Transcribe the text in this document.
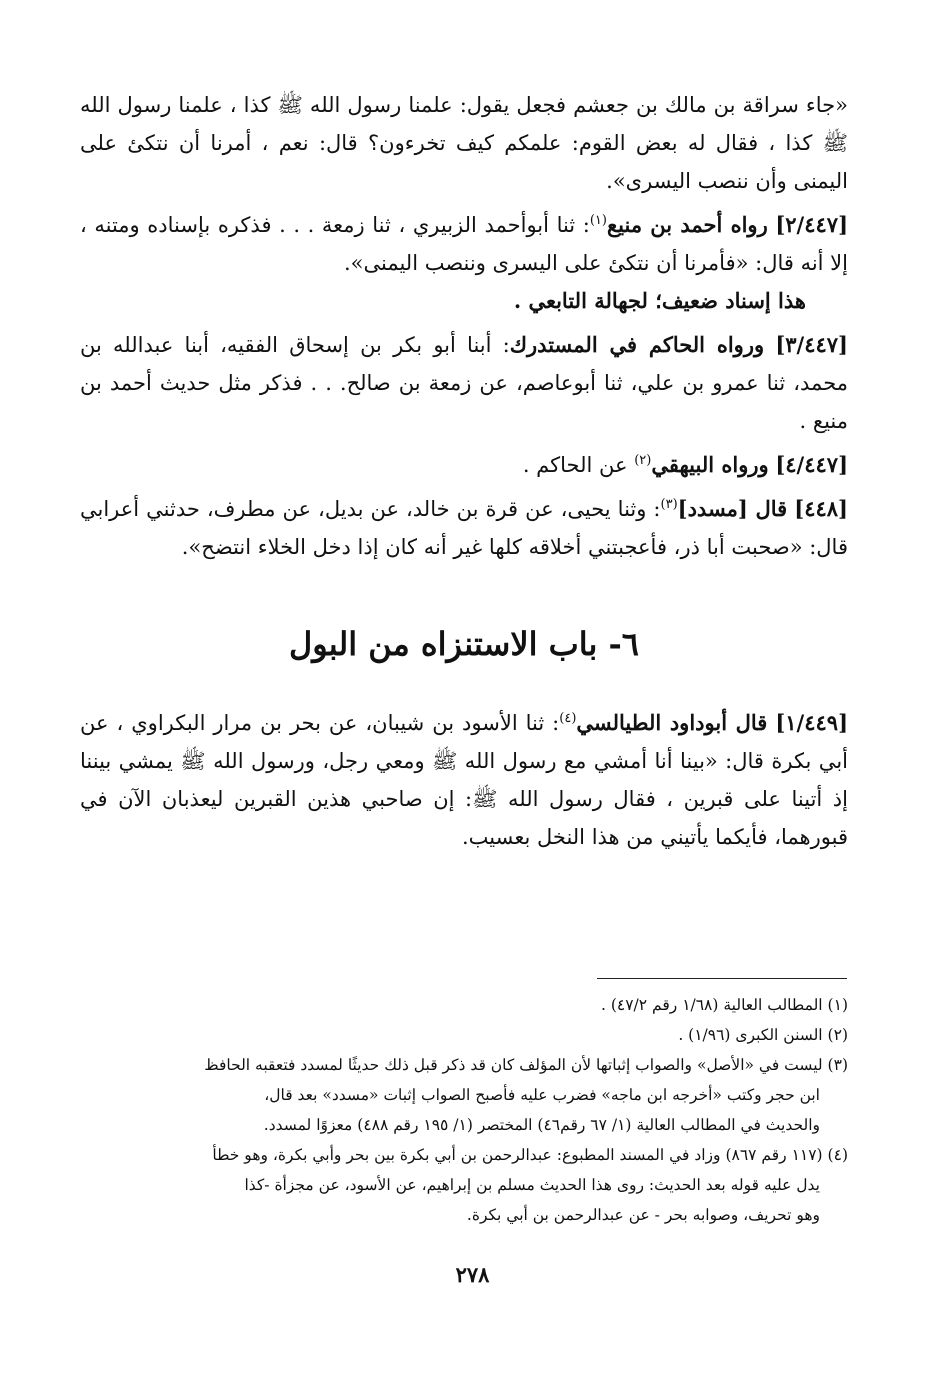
«جاء سراقة بن مالك بن جعشم فجعل يقول: علمنا رسول الله ﷺ كذا ، علمنا رسول الله ﷺ كذا ، فقال له بعض القوم: علمكم كيف تخرءون؟ قال: نعم ، أمرنا أن نتكئ على اليمنى وأن ننصب اليسرى».

[٢/٤٤٧] رواه أحمد بن منيع$^{(١)}$: ثنا أبوأحمد الزبيري ، ثنا زمعة . . . فذكره بإسناده ومتنه ، إلا أنه قال: «فأمرنا أن نتكئ على اليسرى وننصب اليمنى».

هذا إسناد ضعيف؛ لجهالة التابعي .

[٣/٤٤٧] ورواه الحاكم في المستدرك: أبنا أبو بكر بن إسحاق الفقيه، أبنا عبدالله بن محمد، ثنا عمرو بن علي، ثنا أبوعاصم، عن زمعة بن صالح. . . فذكر مثل حديث أحمد بن منيع .

[٤/٤٤٧] ورواه البيهقي$^{(٢)}$ عن الحاكم .

[٤٤٨] قال [مسدد]$^{(٣)}$: وثنا يحيى، عن قرة بن خالد، عن بديل، عن مطرف، حدثني أعرابي قال: «صحبت أبا ذر، فأعجبتني أخلاقه كلها غير أنه كان إذا دخل الخلاء انتضح».

٦- باب الاستنزاه من البول

[١/٤٤٩] قال أبوداود الطيالسي$^{(٤)}$: ثنا الأسود بن شيبان، عن بحر بن مرار البكراوي ، عن أبي بكرة قال: «بينا أنا أمشي مع رسول الله ﷺ ومعي رجل، ورسول الله ﷺ يمشي بيننا إذ أتينا على قبرين ، فقال رسول الله ﷺ: إن صاحبي هذين القبرين ليعذبان الآن في قبورهما، فأيكما يأتيني من هذا النخل بعسيب.

(١) المطالب العالية (١/٦٨ رقم ٤٧/٢) .

(٢) السنن الكبرى (١/٩٦) .

(٣) ليست في «الأصل» والصواب إثباتها لأن المؤلف كان قد ذكر قبل ذلك حديثًا لمسدد فتعقبه الحافظ
ابن حجر وكتب «أخرجه ابن ماجه» فضرب عليه فأصبح الصواب إثبات «مسدد» بعد قال،
والحديث في المطالب العالية (١/ ٦٧ رقم٤٦) المختصر (١/ ١٩٥ رقم ٤٨٨) معزوًا لمسدد.

(٤) (١١٧ رقم ٨٦٧) وزاد في المسند المطبوع: عبدالرحمن بن أبي بكرة بين بحر وأبي بكرة، وهو خطأ
يدل عليه قوله بعد الحديث: روى هذا الحديث مسلم بن إبراهيم، عن الأسود، عن مجزأة -كذا
وهو تحريف، وصوابه بحر - عن عبدالرحمن بن أبي بكرة.

٢٧٨
